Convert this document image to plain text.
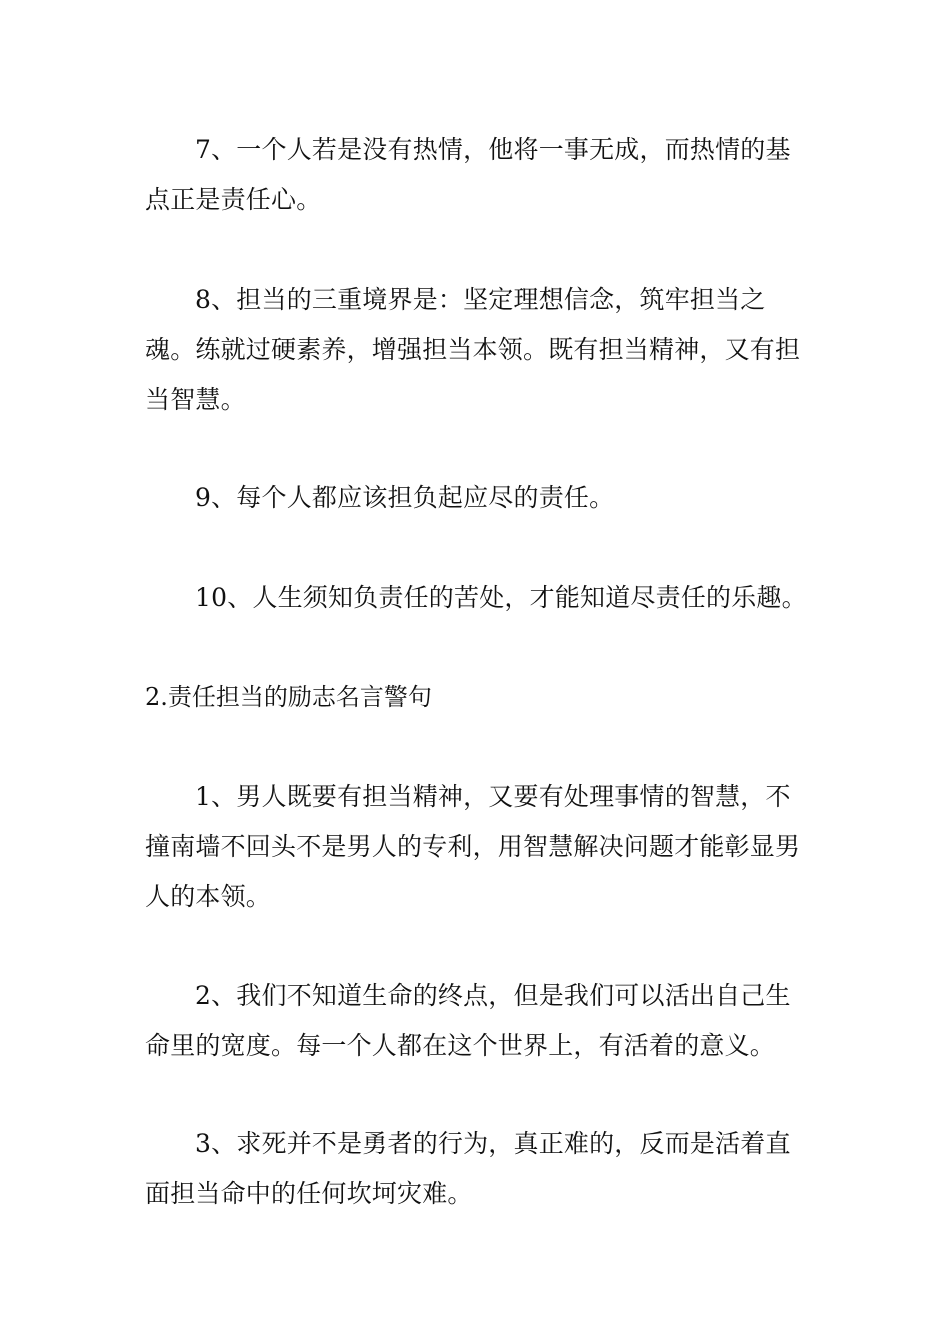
7、一个人若是没有热情，他将一事无成，而热情的基点正是责任心。

8、担当的三重境界是：坚定理想信念，筑牢担当之魂。练就过硬素养，增强担当本领。既有担当精神，又有担当智慧。

9、每个人都应该担负起应尽的责任。

10、人生须知负责任的苦处，才能知道尽责任的乐趣。

2.责任担当的励志名言警句

1、男人既要有担当精神，又要有处理事情的智慧，不撞南墙不回头不是男人的专利，用智慧解决问题才能彰显男人的本领。

2、我们不知道生命的终点，但是我们可以活出自己生命里的宽度。每一个人都在这个世界上，有活着的意义。

3、求死并不是勇者的行为，真正难的，反而是活着直面担当命中的任何坎坷灾难。
